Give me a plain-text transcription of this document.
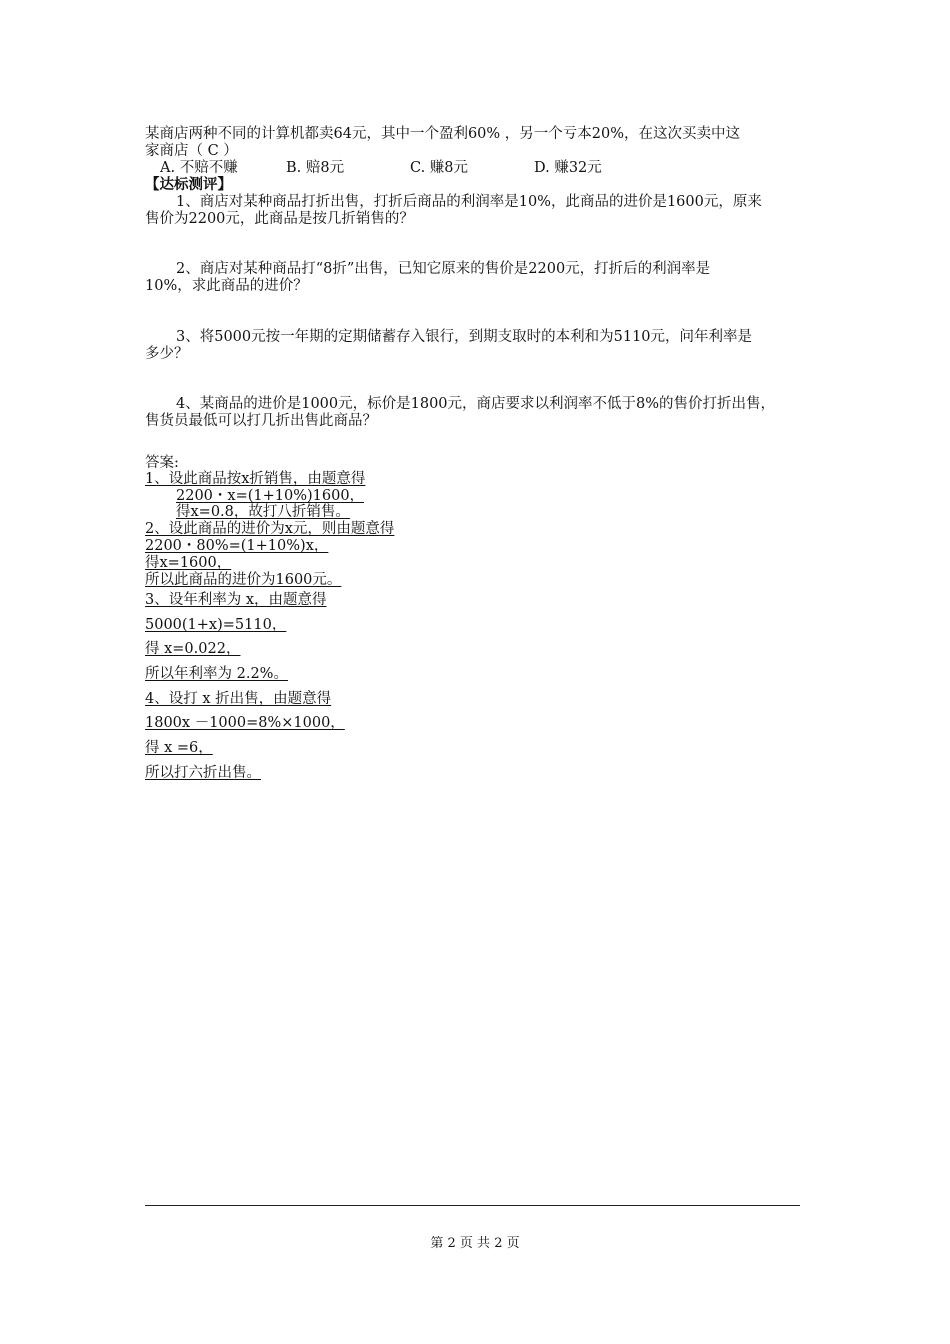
某商店两种不同的计算机都卖64元，其中一个盈利60% ，另一个亏本20%，在这次买卖中这
家商店（ C ）
A. 不赔不赚	B. 赔8元	C. 赚8元	D. 赚32元
【达标测评】
1、商店对某种商品打折出售，打折后商品的利润率是10%，此商品的进价是1600元，原来
售价为2200元，此商品是按几折销售的？
2、商店对某种商品打“8折”出售，已知它原来的售价是2200元，打折后的利润率是
10%，求此商品的进价？
3、将5000元按一年期的定期储蓄存入银行，到期支取时的本利和为5110元，问年利率是
多少？
4、某商品的进价是1000元，标价是1800元，商店要求以利润率不低于8%的售价打折出售，
售货员最低可以打几折出售此商品？
答案:
1、设此商品按x折销售，由题意得
2200・x=(1+10%)1600，
得x=0.8，故打八折销售。
2、设此商品的进价为x元，则由题意得
2200・80%=(1+10%)x，
得x=1600，
所以此商品的进价为1600元。
3、设年利率为 x，由题意得
5000(1+x)=5110，
得 x=0.022，
所以年利率为 2.2%。
4、设打 x 折出售，由题意得
1800x －1000=8%×1000，
得 x =6，
所以打六折出售。
第 2 页 共 2 页
